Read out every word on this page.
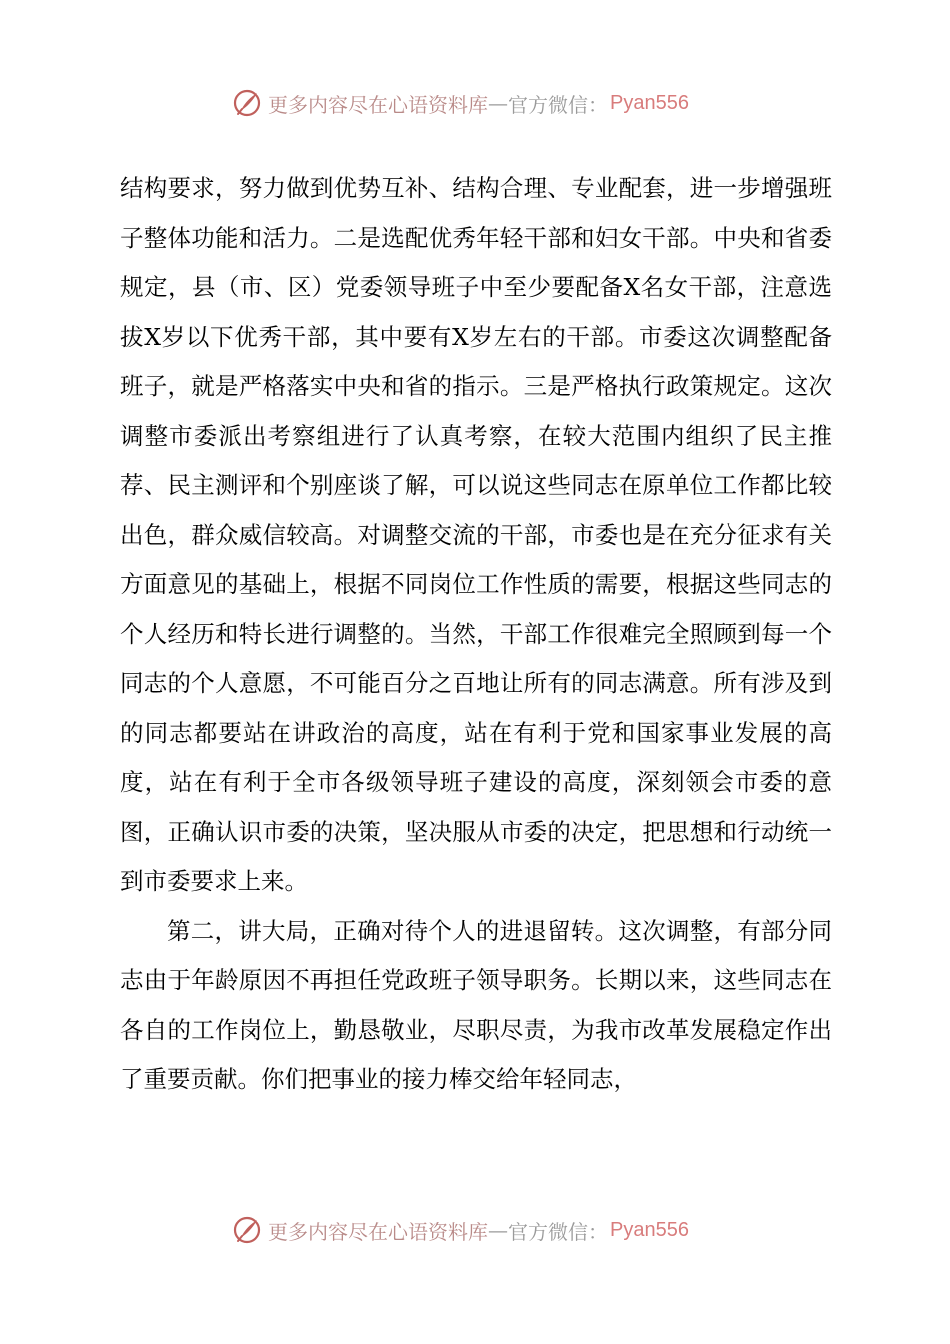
更多内容尽在心语资料库 — 官方微信： Pyan556

结构要求，努力做到优势互补、结构合理、专业配套，进一步增强班子整体功能和活力。二是选配优秀年轻干部和妇女干部。中央和省委规定，县（市、区）党委领导班子中至少要配备X名女干部，注意选拔X岁以下优秀干部，其中要有X岁左右的干部。市委这次调整配备班子，就是严格落实中央和省的指示。三是严格执行政策规定。这次调整市委派出考察组进行了认真考察，在较大范围内组织了民主推荐、民主测评和个别座谈了解，可以说这些同志在原单位工作都比较出色，群众威信较高。对调整交流的干部，市委也是在充分征求有关方面意见的基础上，根据不同岗位工作性质的需要，根据这些同志的个人经历和特长进行调整的。当然，干部工作很难完全照顾到每一个同志的个人意愿，不可能百分之百地让所有的同志满意。所有涉及到的同志都要站在讲政治的高度，站在有利于党和国家事业发展的高度，站在有利于全市各级领导班子建设的高度，深刻领会市委的意图，正确认识市委的决策，坚决服从市委的决定，把思想和行动统一到市委要求上来。

第二，讲大局，正确对待个人的进退留转。这次调整，有部分同志由于年龄原因不再担任党政班子领导职务。长期以来，这些同志在各自的工作岗位上，勤恳敬业，尽职尽责，为我市改革发展稳定作出了重要贡献。你们把事业的接力棒交给年轻同志，

更多内容尽在心语资料库 — 官方微信： Pyan556
